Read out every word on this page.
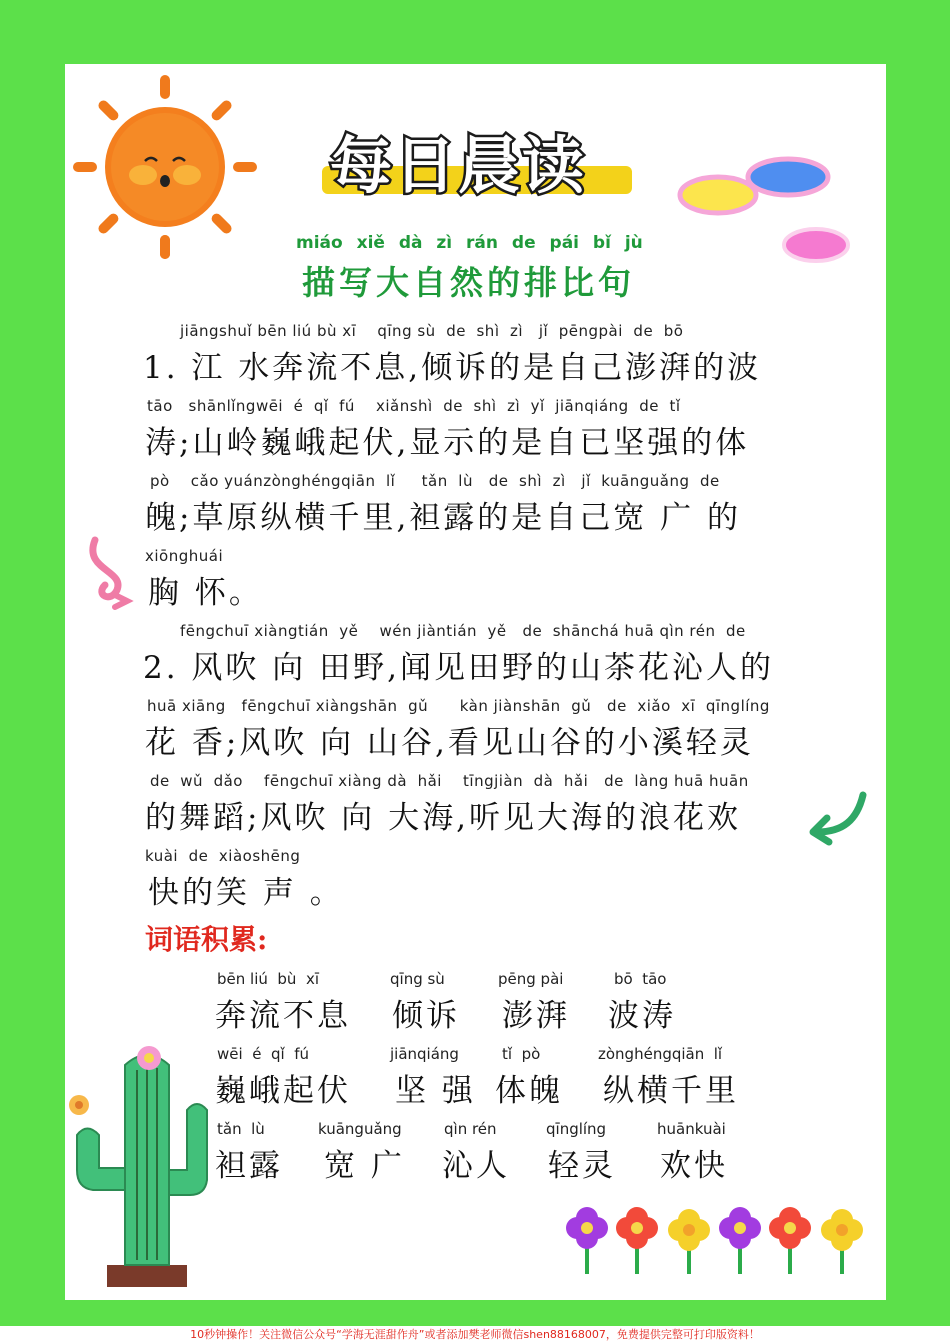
每日晨读
miáo xiě dà zì rán de pái bǐ jù
描写大自然的排比句
jiāngshuǐ bēn liú bù xī    qīng sù  de  shì  zì   jǐ  pēngpài  de  bō
1. 江 水奔流不息,倾诉的是自己澎湃的波
tāo   shānlǐngwēi  é  qǐ  fú    xiǎnshì  de  shì  zì  yǐ  jiānqiáng  de  tǐ
涛;山岭巍峨起伏,显示的是自已坚强的体
pò    cǎo yuánzònghéngqiān  lǐ     tǎn  lù   de  shì  zì   jǐ  kuānguǎng  de
魄;草原纵横千里,袒露的是自己宽 广 的
xiōnghuái
胸 怀。
fēngchuī xiàngtián  yě    wén jiàntián  yě   de  shānchá huā qìn rén  de
2. 风吹 向 田野,闻见田野的山茶花沁人的
huā xiāng   fēngchuī xiàngshān  gǔ      kàn jiànshān  gǔ   de  xiǎo  xī  qīnglíng
花 香;风吹 向 山谷,看见山谷的小溪轻灵
de  wǔ  dǎo    fēngchuī xiàng dà  hǎi    tīngjiàn  dà  hǎi   de  làng huā huān
的舞蹈;风吹 向 大海,听见大海的浪花欢
kuài  de  xiàoshēng
快的笑 声 。
词语积累:
bēn liú  bù  xī	qīng sù	pēng pài	bō  tāo
奔流不息 倾诉 澎湃 波涛
wēi  é  qǐ  fú	jiānqiáng	tǐ  pò	zònghéngqiān  lǐ
巍峨起伏 坚 强 体魄 纵横千里
tǎn  lù	kuānguǎng	qìn rén	qīnglíng	huānkuài
袒露 宽 广 沁人 轻灵 欢快
10秒钟操作！关注微信公众号“学海无涯甜作舟”或者添加樊老师微信shen88168007，免费提供完整可打印版资料！
